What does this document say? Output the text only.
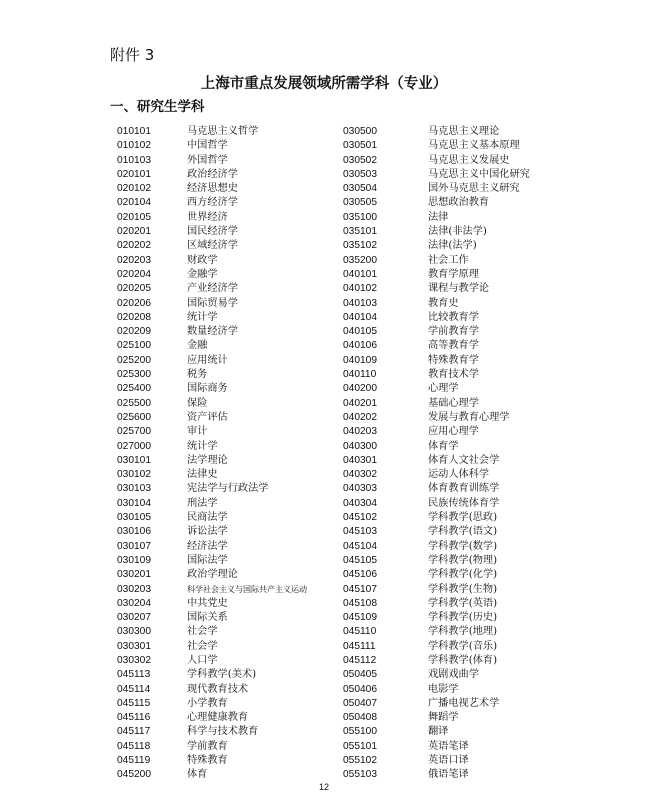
附件 3
上海市重点发展领域所需学科（专业）
一、研究生学科
010101	马克思主义哲学	030500	马克思主义理论
010102	中国哲学	030501	马克思主义基本原理
010103	外国哲学	030502	马克思主义发展史
020101	政治经济学	030503	马克思主义中国化研究
020102	经济思想史	030504	国外马克思主义研究
020104	西方经济学	030505	思想政治教育
020105	世界经济	035100	法律
020201	国民经济学	035101	法律(非法学)
020202	区域经济学	035102	法律(法学)
020203	财政学	035200	社会工作
020204	金融学	040101	教育学原理
020205	产业经济学	040102	课程与教学论
020206	国际贸易学	040103	教育史
020208	统计学	040104	比较教育学
020209	数量经济学	040105	学前教育学
025100	金融	040106	高等教育学
025200	应用统计	040109	特殊教育学
025300	税务	040110	教育技术学
025400	国际商务	040200	心理学
025500	保险	040201	基础心理学
025600	资产评估	040202	发展与教育心理学
025700	审计	040203	应用心理学
027000	统计学	040300	体育学
030101	法学理论	040301	体育人文社会学
030102	法律史	040302	运动人体科学
030103	宪法学与行政法学	040303	体育教育训练学
030104	刑法学	040304	民族传统体育学
030105	民商法学	045102	学科教学(思政)
030106	诉讼法学	045103	学科教学(语文)
030107	经济法学	045104	学科教学(数学)
030109	国际法学	045105	学科教学(物理)
030201	政治学理论	045106	学科教学(化学)
030203	科学社会主义与国际共产主义运动	045107	学科教学(生物)
030204	中共党史	045108	学科教学(英语)
030207	国际关系	045109	学科教学(历史)
030300	社会学	045110	学科教学(地理)
030301	社会学	045111	学科教学(音乐)
030302	人口学	045112	学科教学(体育)
045113	学科教学(美术)	050405	戏剧戏曲学
045114	现代教育技术	050406	电影学
045115	小学教育	050407	广播电视艺术学
045116	心理健康教育	050408	舞蹈学
045117	科学与技术教育	055100	翻译
045118	学前教育	055101	英语笔译
045119	特殊教育	055102	英语口译
045200	体育	055103	俄语笔译
12
